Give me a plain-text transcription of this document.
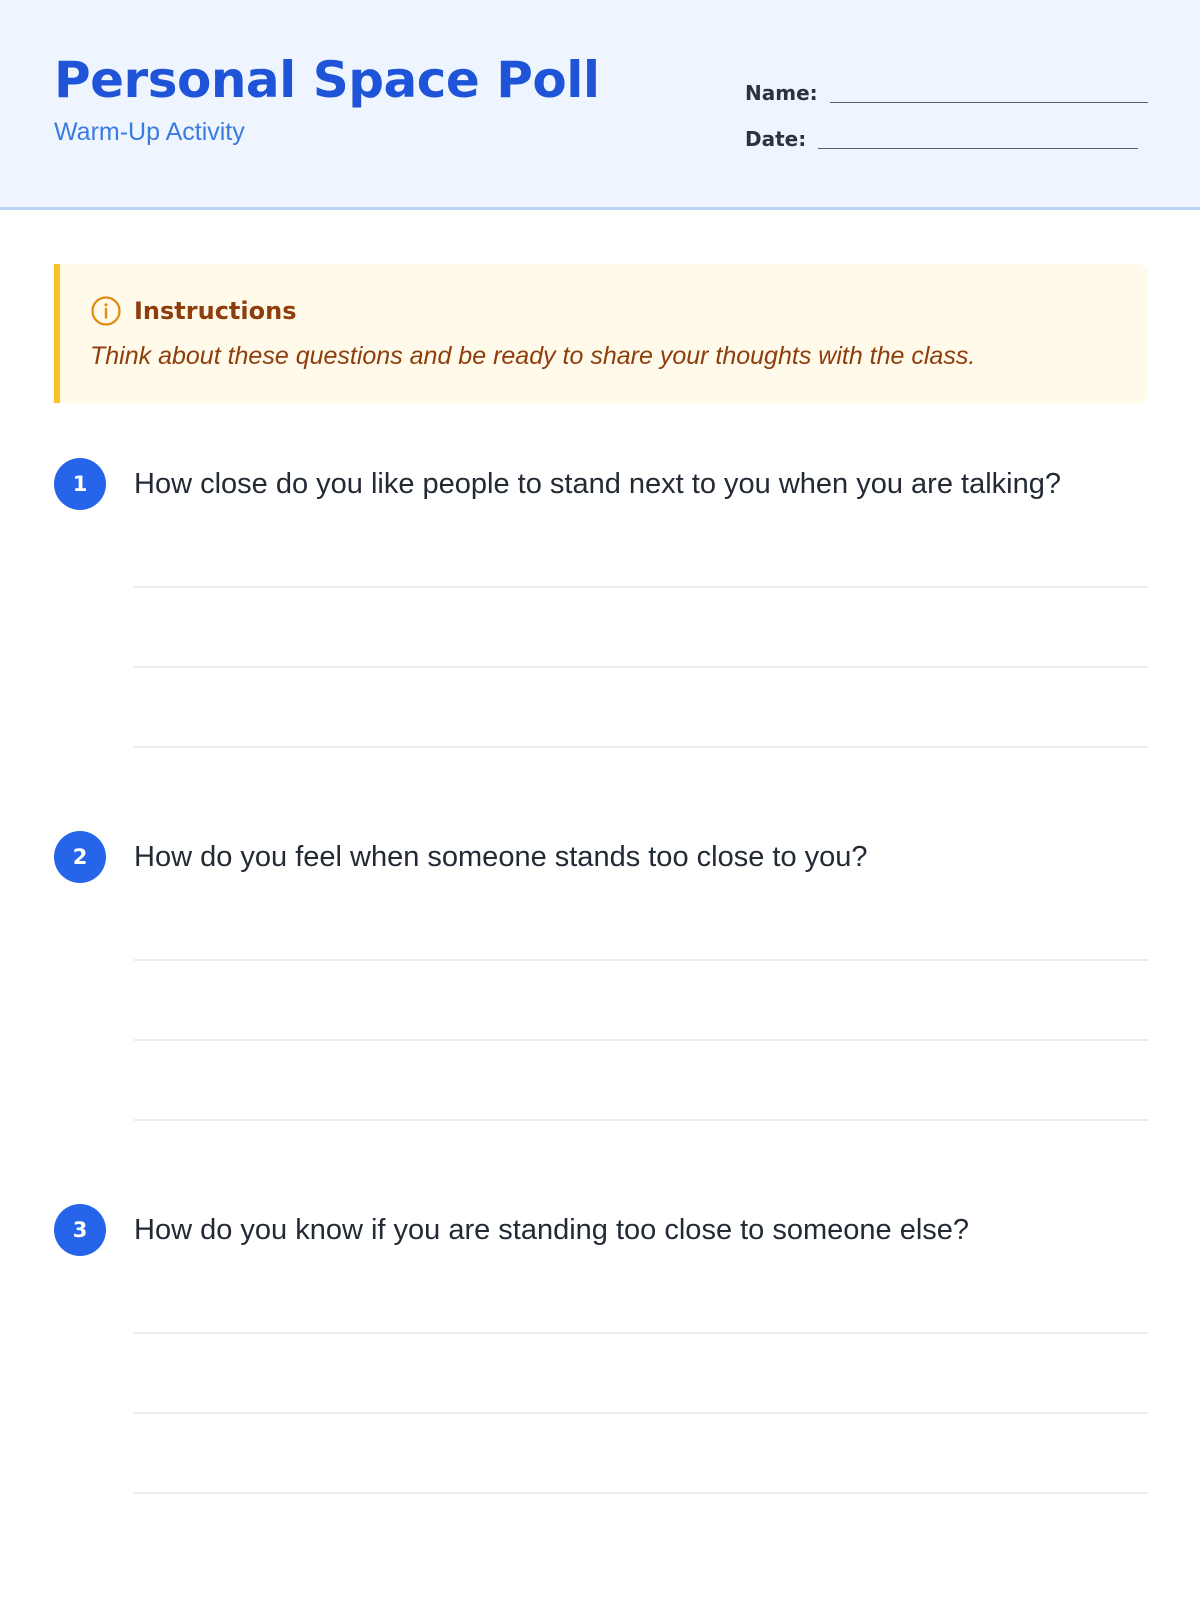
Personal Space Poll
Warm-Up Activity
Name:
Date:
Instructions
Think about these questions and be ready to share your thoughts with the class.
1	How close do you like people to stand next to you when you are talking?
2	How do you feel when someone stands too close to you?
3	How do you know if you are standing too close to someone else?
